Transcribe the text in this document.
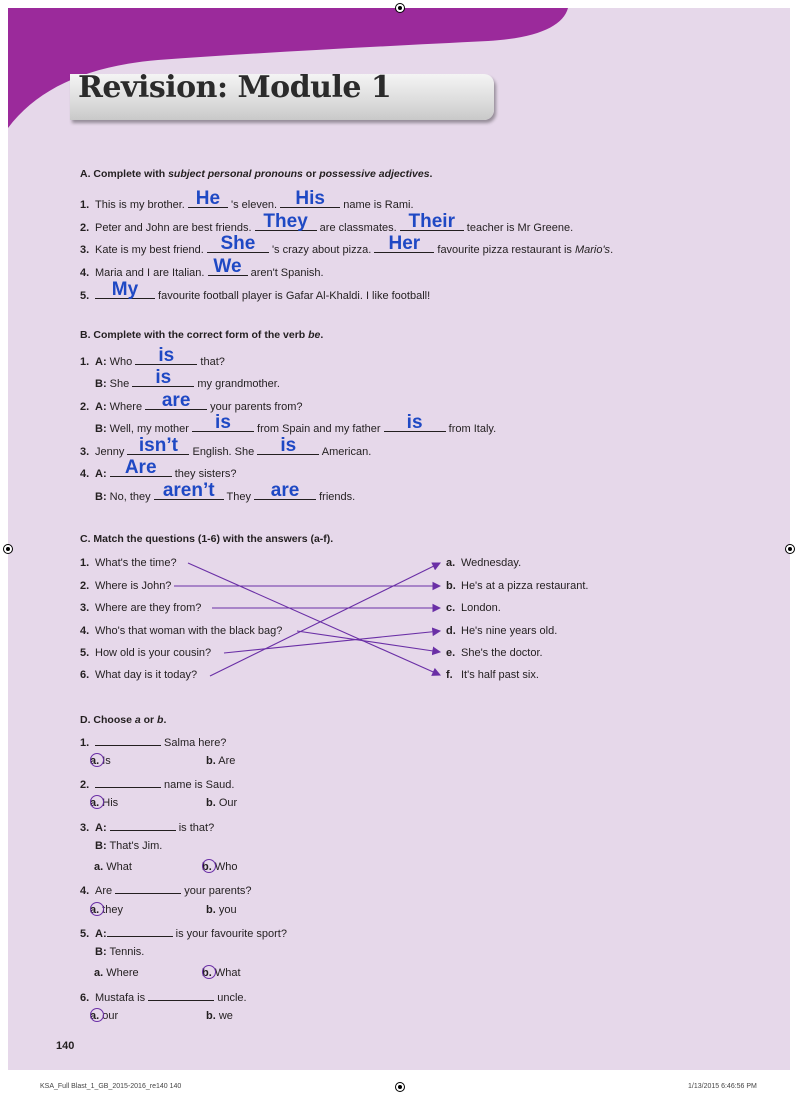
Revision: Module 1
A. Complete with subject personal pronouns or possessive adjectives.
1. This is my brother. He 's eleven. His	name is Rami.
2. Peter and John are best friends. They are classmates. Their teacher is Mr Greene.
3. Kate is my best friend. She	's crazy about pizza. Her	favourite pizza restaurant is Mario's.
4. Maria and I are Italian. We aren't Spanish.
5.	My	favourite football player is Gafar Al-Khaldi. I like football!
B. Complete with the correct form of the verb be.
1. A: Who	is	that?
B: She	is	my grandmother.
2. A: Where are	your parents from?
B: Well, my mother	is	from Spain and my father	is	from Italy.
3. Jenny isn’t	English. She	is	American.
4. A: Are	they sisters?
B: No, they aren’t They are	friends.
C. Match the questions (1-6) with the answers (a-f).
1. What's the time?
2. Where is John?
3. Where are they from?
4. Who's that woman with the black bag?
5. How old is your cousin?
6. What day is it today?
a. Wednesday.
b. He's at a pizza restaurant.
c. London.
d. He's nine years old.
e. She's the doctor.
f. It's half past six.
D. Choose a or b.
1.	Salma here?
a. Is	b. Are
2.	name is Saud.
a. His	b. Our
3. A:	is that?
B: That's Jim.
a. What	b. Who
4. Are	your parents?
a. they	b. you
5. A:	is your favourite sport?
B: Tennis.
a. Where	b. What
6. Mustafa is	uncle.
a. our	b. we
140
KSA_Full Blast_1_GB_2015-2016_re140 140	1/13/2015 6:46:56 PM
